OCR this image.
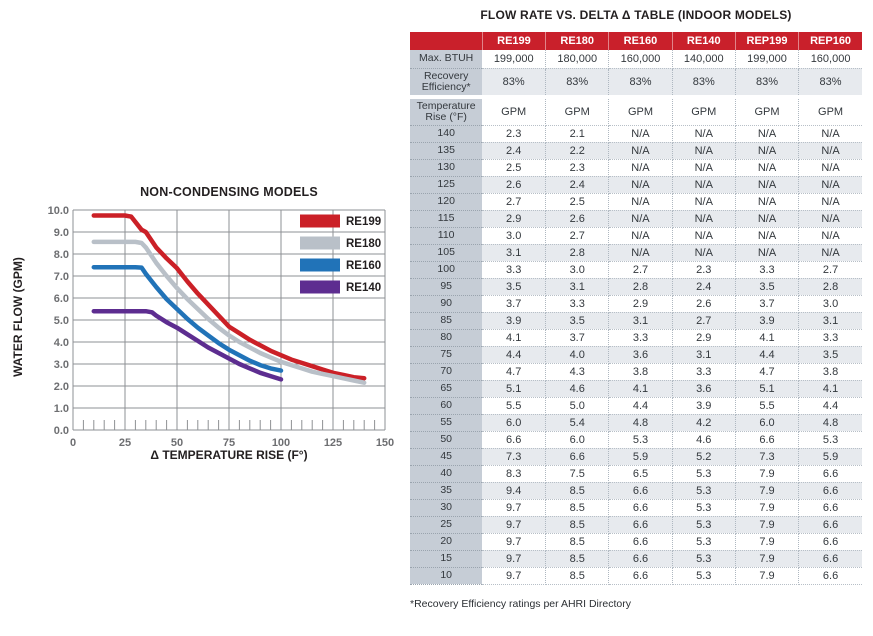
NON-CONDENSING MODELS
WATER FLOW (GPM)
0	25	50	75	100	125	150
0.0
1.0
2.0
3.0
4.0
5.0
6.0
7.0
8.0
9.0
10.0
RE199
RE180
RE160
RE140
Δ TEMPERATURE RISE (F°)
FLOW RATE VS. DELTA Δ TABLE (INDOOR MODELS)
	RE199	RE180	RE160	RE140	REP199	REP160
Max. BTUH	199,000	180,000	160,000	140,000	199,000	160,000
Recovery Efficiency*	83%	83%	83%	83%	83%	83%
Temperature Rise (°F)	GPM	GPM	GPM	GPM	GPM	GPM
140	2.3	2.1	N/A	N/A	N/A	N/A
135	2.4	2.2	N/A	N/A	N/A	N/A
130	2.5	2.3	N/A	N/A	N/A	N/A
125	2.6	2.4	N/A	N/A	N/A	N/A
120	2.7	2.5	N/A	N/A	N/A	N/A
115	2.9	2.6	N/A	N/A	N/A	N/A
110	3.0	2.7	N/A	N/A	N/A	N/A
105	3.1	2.8	N/A	N/A	N/A	N/A
100	3.3	3.0	2.7	2.3	3.3	2.7
95	3.5	3.1	2.8	2.4	3.5	2.8
90	3.7	3.3	2.9	2.6	3.7	3.0
85	3.9	3.5	3.1	2.7	3.9	3.1
80	4.1	3.7	3.3	2.9	4.1	3.3
75	4.4	4.0	3.6	3.1	4.4	3.5
70	4.7	4.3	3.8	3.3	4.7	3.8
65	5.1	4.6	4.1	3.6	5.1	4.1
60	5.5	5.0	4.4	3.9	5.5	4.4
55	6.0	5.4	4.8	4.2	6.0	4.8
50	6.6	6.0	5.3	4.6	6.6	5.3
45	7.3	6.6	5.9	5.2	7.3	5.9
40	8.3	7.5	6.5	5.3	7.9	6.6
35	9.4	8.5	6.6	5.3	7.9	6.6
30	9.7	8.5	6.6	5.3	7.9	6.6
25	9.7	8.5	6.6	5.3	7.9	6.6
20	9.7	8.5	6.6	5.3	7.9	6.6
15	9.7	8.5	6.6	5.3	7.9	6.6
10	9.7	8.5	6.6	5.3	7.9	6.6
*Recovery Efficiency ratings per AHRI Directory
